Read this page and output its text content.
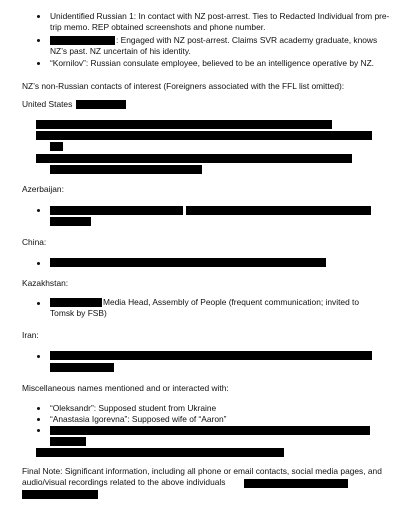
Unidentified Russian 1: In contact with NZ post-arrest. Ties to Redacted Individual from pre-trip memo. REP obtained screenshots and phone number.
: Engaged with NZ post-arrest. Claims SVR academy graduate, knows NZ’s past. NZ uncertain of his identity.
“Kornilov”: Russian consulate employee, believed to be an intelligence operative by NZ.
NZ’s non-Russian contacts of interest (Foreigners associated with the FFL list omitted):
United States
Azerbaijan:
China:
Kazakhstan:
Media Head, Assembly of People (frequent communication; invited to Tomsk by FSB)
Iran:
Miscellaneous names mentioned and or interacted with:
“Oleksandr”: Supposed student from Ukraine
“Anastasia Igorevna”: Supposed wife of “Aaron”
Final Note: Significant information, including all phone or email contacts, social media pages, and audio/visual recordings related to the above individuals
